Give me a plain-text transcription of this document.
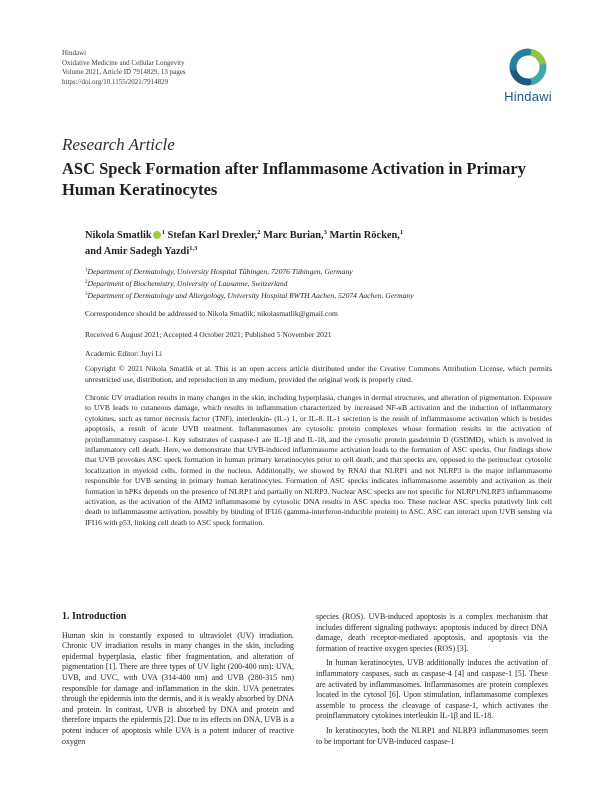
Hindawi
Oxidative Medicine and Cellular Longevity
Volume 2021, Article ID 7914829, 13 pages
https://doi.org/10.1155/2021/7914829
Hindawi
Research Article
ASC Speck Formation after Inflammasome Activation in Primary Human Keratinocytes
Nikola Smatlik $^1$ Stefan Karl Drexler,$^2$ Marc Burian,$^3$ Martin Röcken,$^1$
and Amir Sadegh Yazdi$^{1,3}$
$^1$Department of Dermatology, University Hospital Tübingen, 72076 Tübingen, Germany
$^2$Department of Biochemistry, University of Lausanne, Switzerland
$^3$Department of Dermatology and Allergology, University Hospital RWTH Aachen, 52074 Aachen, Germany
Correspondence should be addressed to Nikola Smatlik; nikolasmatlik@gmail.com
Received 6 August 2021; Accepted 4 October 2021; Published 5 November 2021
Academic Editor: Juyi Li
Copyright © 2021 Nikola Smatlik et al. This is an open access article distributed under the Creative Commons Attribution License, which permits unrestricted use, distribution, and reproduction in any medium, provided the original work is properly cited.
Chronic UV irradiation results in many changes in the skin, including hyperplasia, changes in dermal structures, and alteration of pigmentation. Exposure to UVB leads to cutaneous damage, which results in inflammation characterized by increased NF-κB activation and the induction of inflammatory cytokines, such as tumor necrosis factor (TNF), interleukin- (IL-) 1, or IL-8. IL-1 secretion is the result of inflammasome activation which is besides apoptosis, a result of acute UVB treatment. Inflammasomes are cytosolic protein complexes whose formation results in the activation of proinflammatory caspase-1. Key substrates of caspase-1 are IL-1β and IL-18, and the cytosolic protein gasdermin D (GSDMD), which is involved in inflammatory cell death. Here, we demonstrate that UVB-induced inflammasome activation leads to the formation of ASC specks. Our findings show that UVB provokes ASC speck formation in human primary keratinocytes prior to cell death, and that specks are, opposed to the perinuclear cytosolic localization in myeloid cells, formed in the nucleus. Additionally, we showed by RNAi that NLRP1 and not NLRP3 is the major inflammasome responsible for UVB sensing in primary human keratinocytes. Formation of ASC specks indicates inflammasome assembly and activation as their formation in hPKs depends on the presence of NLRP1 and partially on NLRP3. Nuclear ASC specks are not specific for NLRP1/NLRP3 inflammasome activation, as the activation of the AIM2 inflammasome by cytosolic DNA results in ASC specks too. These nuclear ASC specks putatively link cell death to inflammasome activation, possibly by binding of IFI16 (gamma-interferon-inducible protein) to ASC. ASC can interact upon UVB sensing via IFI16 with p53, linking cell death to ASC speck formation.
1. Introduction

Human skin is constantly exposed to ultraviolet (UV) irradiation. Chronic UV irradiation results in many changes in the skin, including epidermal hyperplasia, elastic fiber fragmentation, and alteration of pigmentation [1]. There are three types of UV light (200-400 nm): UVA, UVB, and UVC, with UVA (314-400 nm) and UVB (280-315 nm) responsible for damage and inflammation in the skin. UVA penetrates through the epidermis into the dermis, and it is weakly absorbed by DNA and protein. In contrast, UVB is absorbed by DNA and protein and therefore impacts the epidermis [2]. Due to its effects on DNA, UVB is a potent inducer of apoptosis while UVA is a potent inducer of reactive oxygen

species (ROS). UVB-induced apoptosis is a complex mechanism that includes different signaling pathways: apoptosis induced by direct DNA damage, death receptor-mediated apoptosis, and apoptosis via the formation of reactive oxygen species (ROS) [3].

In human keratinocytes, UVB additionally induces the activation of inflammatory caspases, such as caspase-4 [4] and caspase-1 [5]. These are activated by inflammasomes. Inflammasomes are protein complexes located in the cytosol [6]. Upon stimulation, inflammasome complexes assemble to process the cleavage of caspase-1, which activates the proinflammatory cytokines interleukin IL-1β and IL-18.

In keratinocytes, both the NLRP1 and NLRP3 inflammasomes seem to be important for UVB-induced caspase-1
